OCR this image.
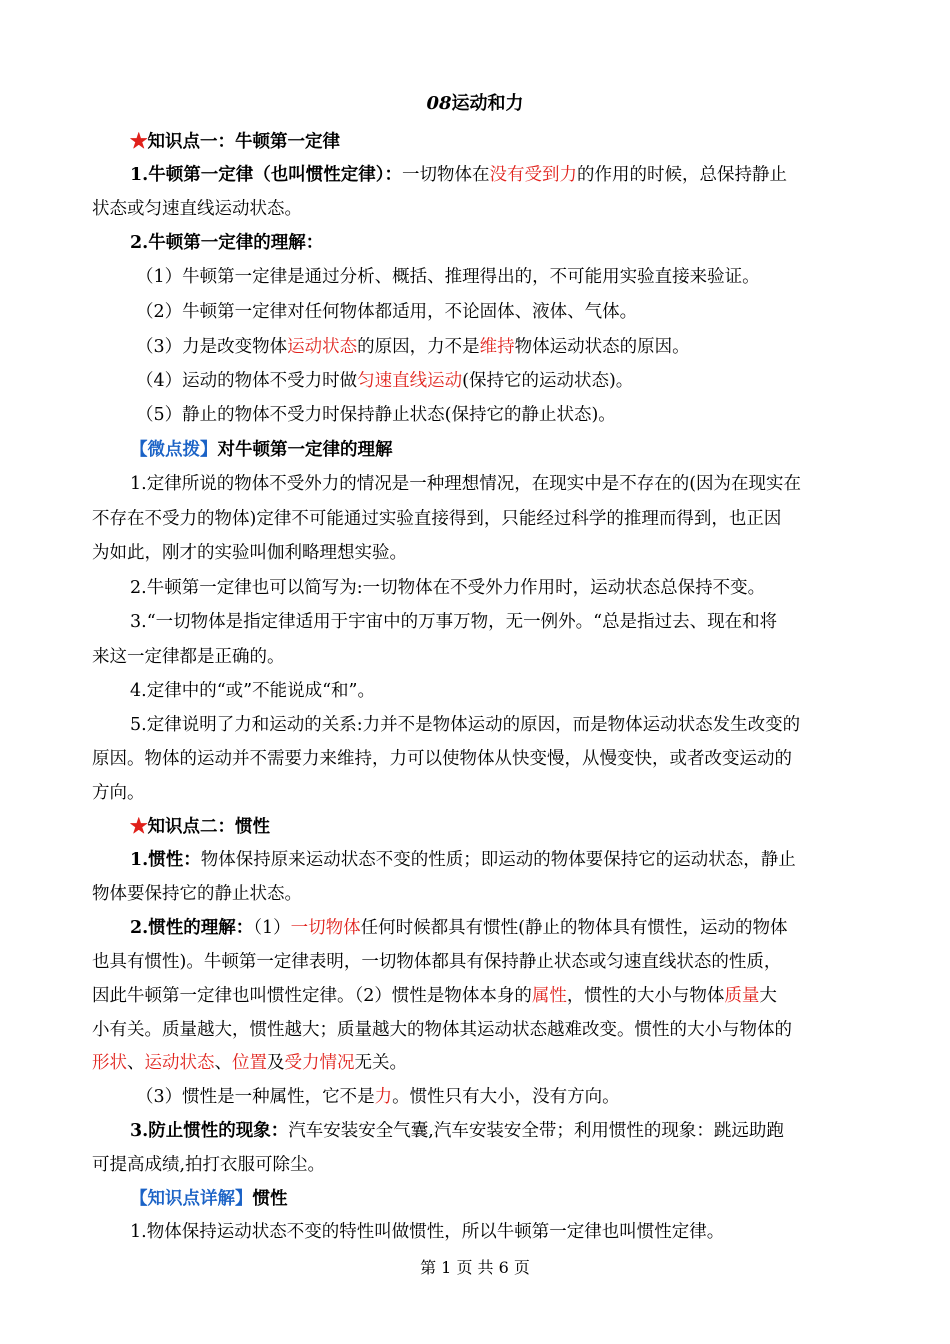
08运动和力
★知识点一：牛顿第一定律
1.牛顿第一定律（也叫惯性定律）：一切物体在没有受到力的作用的时候，总保持静止
状态或匀速直线运动状态。
2.牛顿第一定律的理解：
（1）牛顿第一定律是通过分析、概括、推理得出的，不可能用实验直接来验证。
（2）牛顿第一定律对任何物体都适用，不论固体、液体、气体。
（3）力是改变物体运动状态的原因，力不是维持物体运动状态的原因。
（4）运动的物体不受力时做匀速直线运动(保持它的运动状态)。
（5）静止的物体不受力时保持静止状态(保持它的静止状态)。
【微点拨】对牛顿第一定律的理解
1.定律所说的物体不受外力的情况是一种理想情况，在现实中是不存在的(因为在现实在
不存在不受力的物体)定律不可能通过实验直接得到，只能经过科学的推理而得到，也正因
为如此，刚才的实验叫伽利略理想实验。
2.牛顿第一定律也可以简写为:一切物体在不受外力作用时，运动状态总保持不变。
3.“一切物体是指定律适用于宇宙中的万事万物，无一例外。“总是指过去、现在和将
来这一定律都是正确的。
4.定律中的“或”不能说成“和”。
5.定律说明了力和运动的关系:力并不是物体运动的原因，而是物体运动状态发生改变的
原因。物体的运动并不需要力来维持，力可以使物体从快变慢，从慢变快，或者改变运动的
方向。
★知识点二：惯性
1.惯性：物体保持原来运动状态不变的性质；即运动的物体要保持它的运动状态，静止
物体要保持它的静止状态。
2.惯性的理解：（1）一切物体任何时候都具有惯性(静止的物体具有惯性，运动的物体
也具有惯性)。牛顿第一定律表明，一切物体都具有保持静止状态或匀速直线状态的性质，
因此牛顿第一定律也叫惯性定律。（2）惯性是物体本身的属性，惯性的大小与物体质量大
小有关。质量越大，惯性越大；质量越大的物体其运动状态越难改变。惯性的大小与物体的
形状、运动状态、位置及受力情况无关。
（3）惯性是一种属性，它不是力。惯性只有大小，没有方向。
3.防止惯性的现象：汽车安装安全气囊,汽车安装安全带；利用惯性的现象：跳远助跑
可提高成绩,拍打衣服可除尘。
【知识点详解】惯性
1.物体保持运动状态不变的特性叫做惯性，所以牛顿第一定律也叫惯性定律。
第 1 页 共 6 页
